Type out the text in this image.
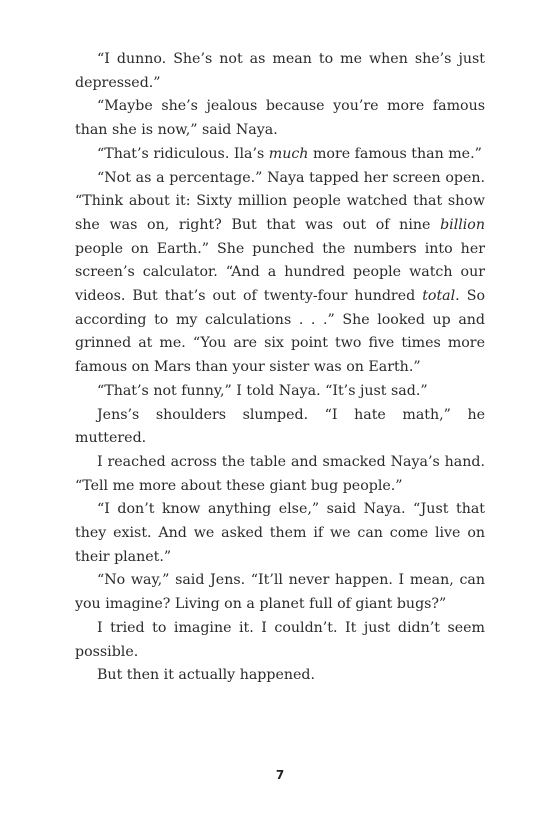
“I dunno. She’s not as mean to me when she’s just depressed.”

“Maybe she’s jealous because you’re more famous than she is now,” said Naya.

“That’s ridiculous. Ila’s much more famous than me.”

“Not as a percentage.” Naya tapped her screen open. “Think about it: Sixty million people watched that show she was on, right? But that was out of nine billion people on Earth.” She punched the numbers into her screen’s calculator. “And a hundred people watch our videos. But that’s out of twenty-four hundred total. So according to my calculations . . .” She looked up and grinned at me. “You are six point two five times more famous on Mars than your sister was on Earth.”

“That’s not funny,” I told Naya. “It’s just sad.”

Jens’s shoulders slumped. “I hate math,” he muttered.

I reached across the table and smacked Naya’s hand. “Tell me more about these giant bug people.”

“I don’t know anything else,” said Naya. “Just that they exist. And we asked them if we can come live on their planet.”

“No way,” said Jens. “It’ll never happen. I mean, can you imagine? Living on a planet full of giant bugs?”

I tried to imagine it. I couldn’t. It just didn’t seem possible.

But then it actually happened.

7
